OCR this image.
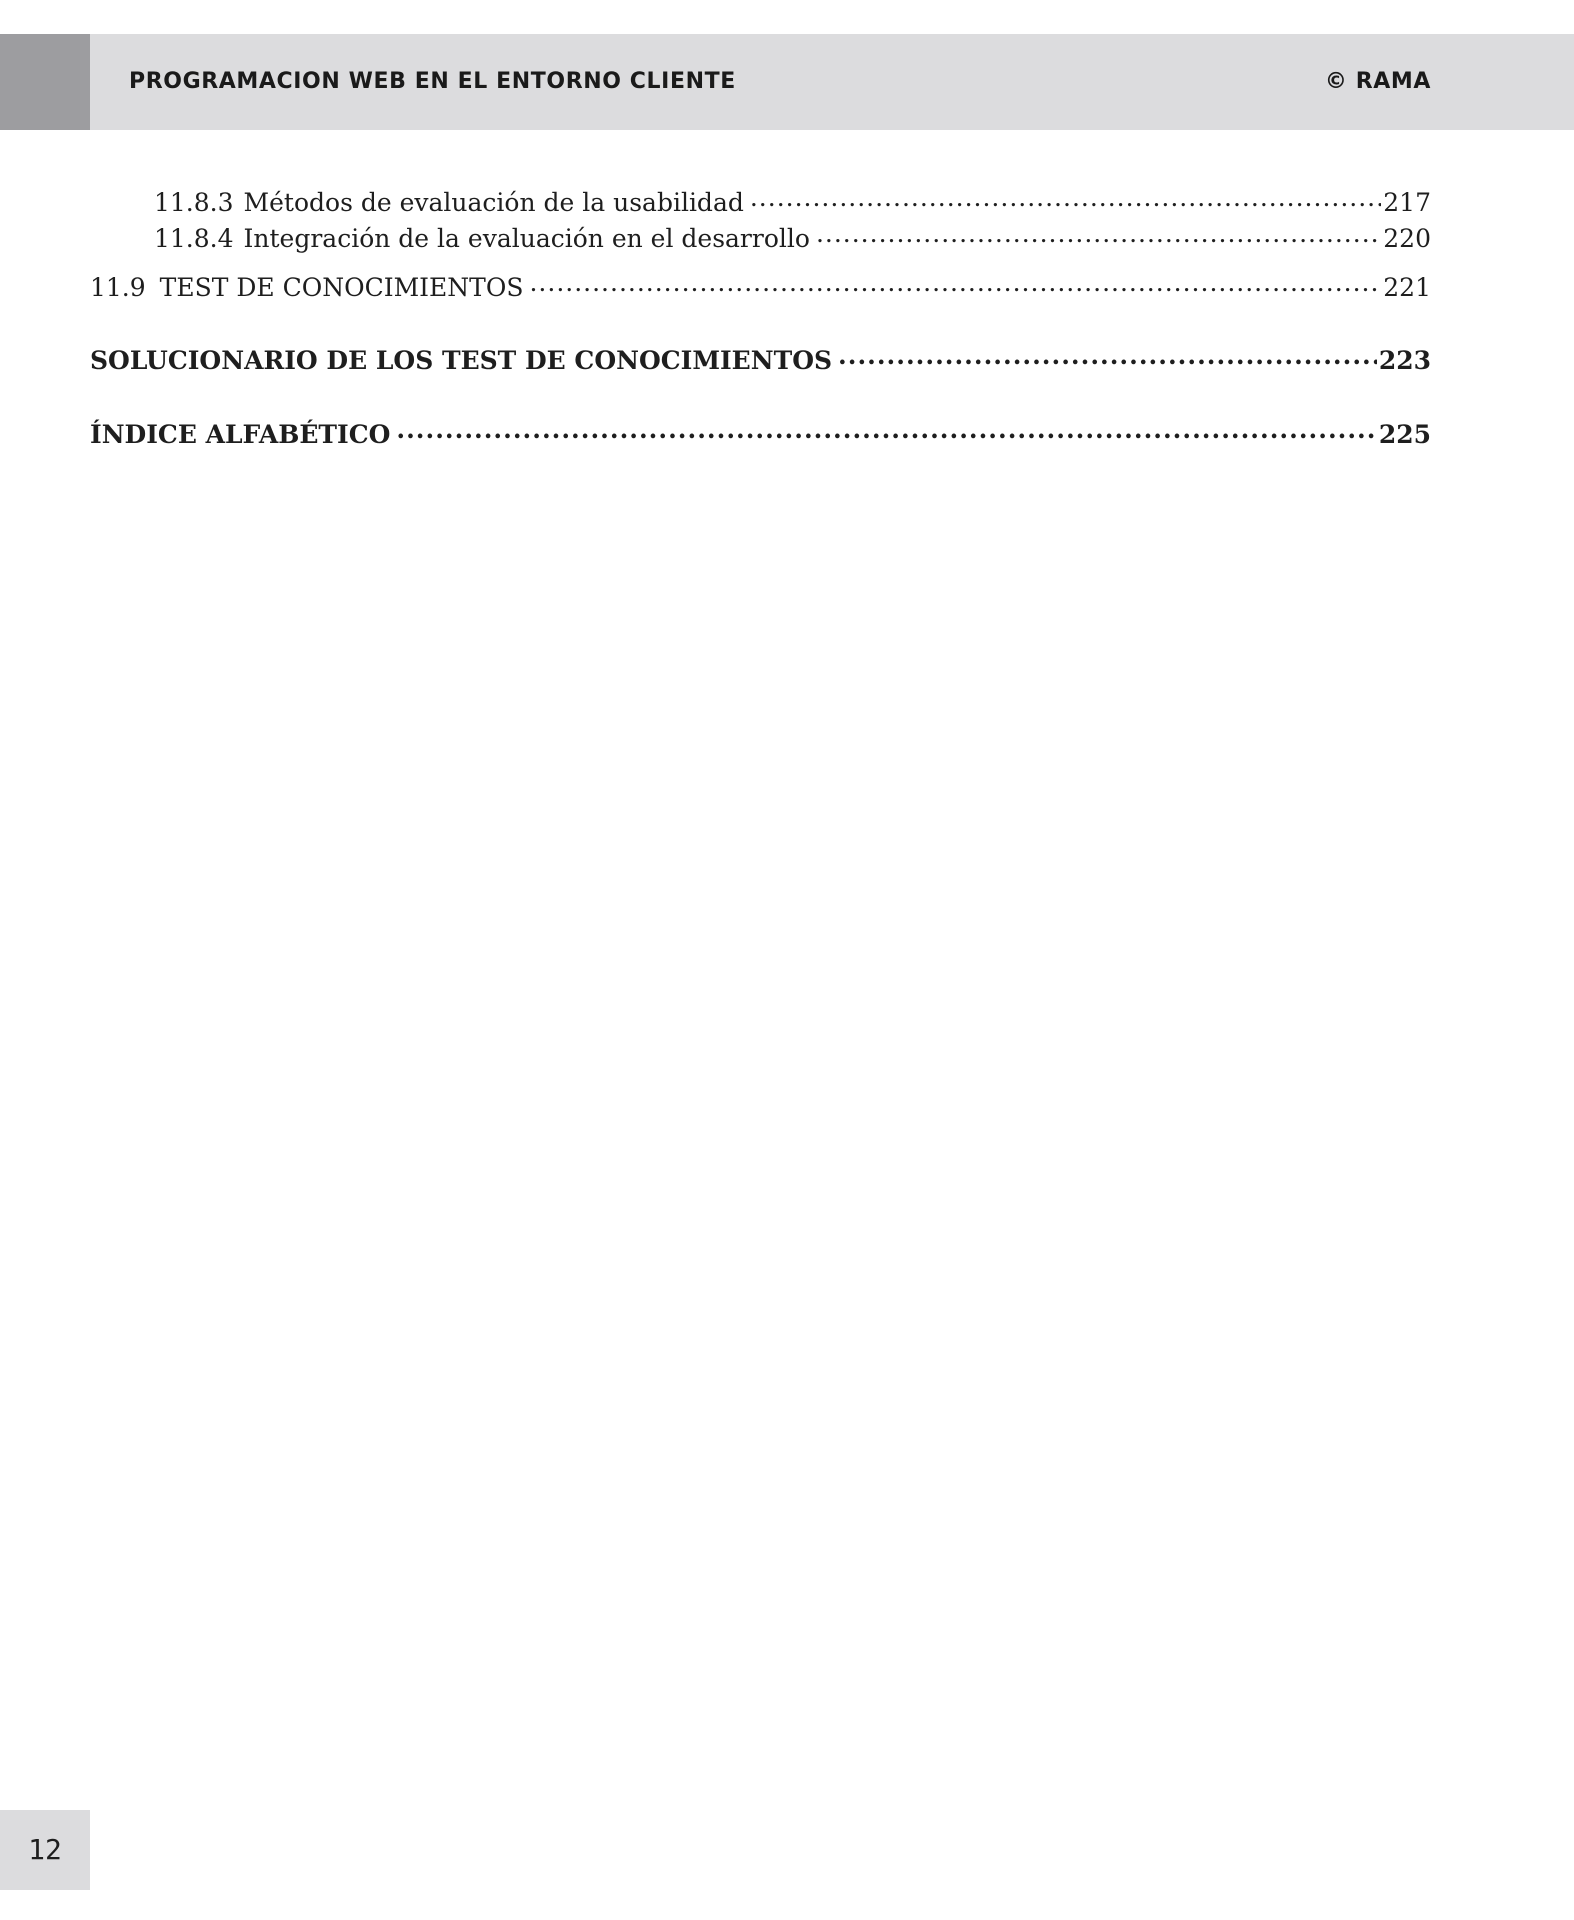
PROGRAMACION WEB EN EL ENTORNO CLIENTE	© RAMA
11.8.3 Métodos de evaluación de la usabilidad .....	217
11.8.4 Integración de la evaluación en el desarrollo .....	220
11.9 TEST DE CONOCIMIENTOS .....	221
SOLUCIONARIO DE LOS TEST DE CONOCIMIENTOS .....	223
ÍNDICE ALFABÉTICO .....	225
12
